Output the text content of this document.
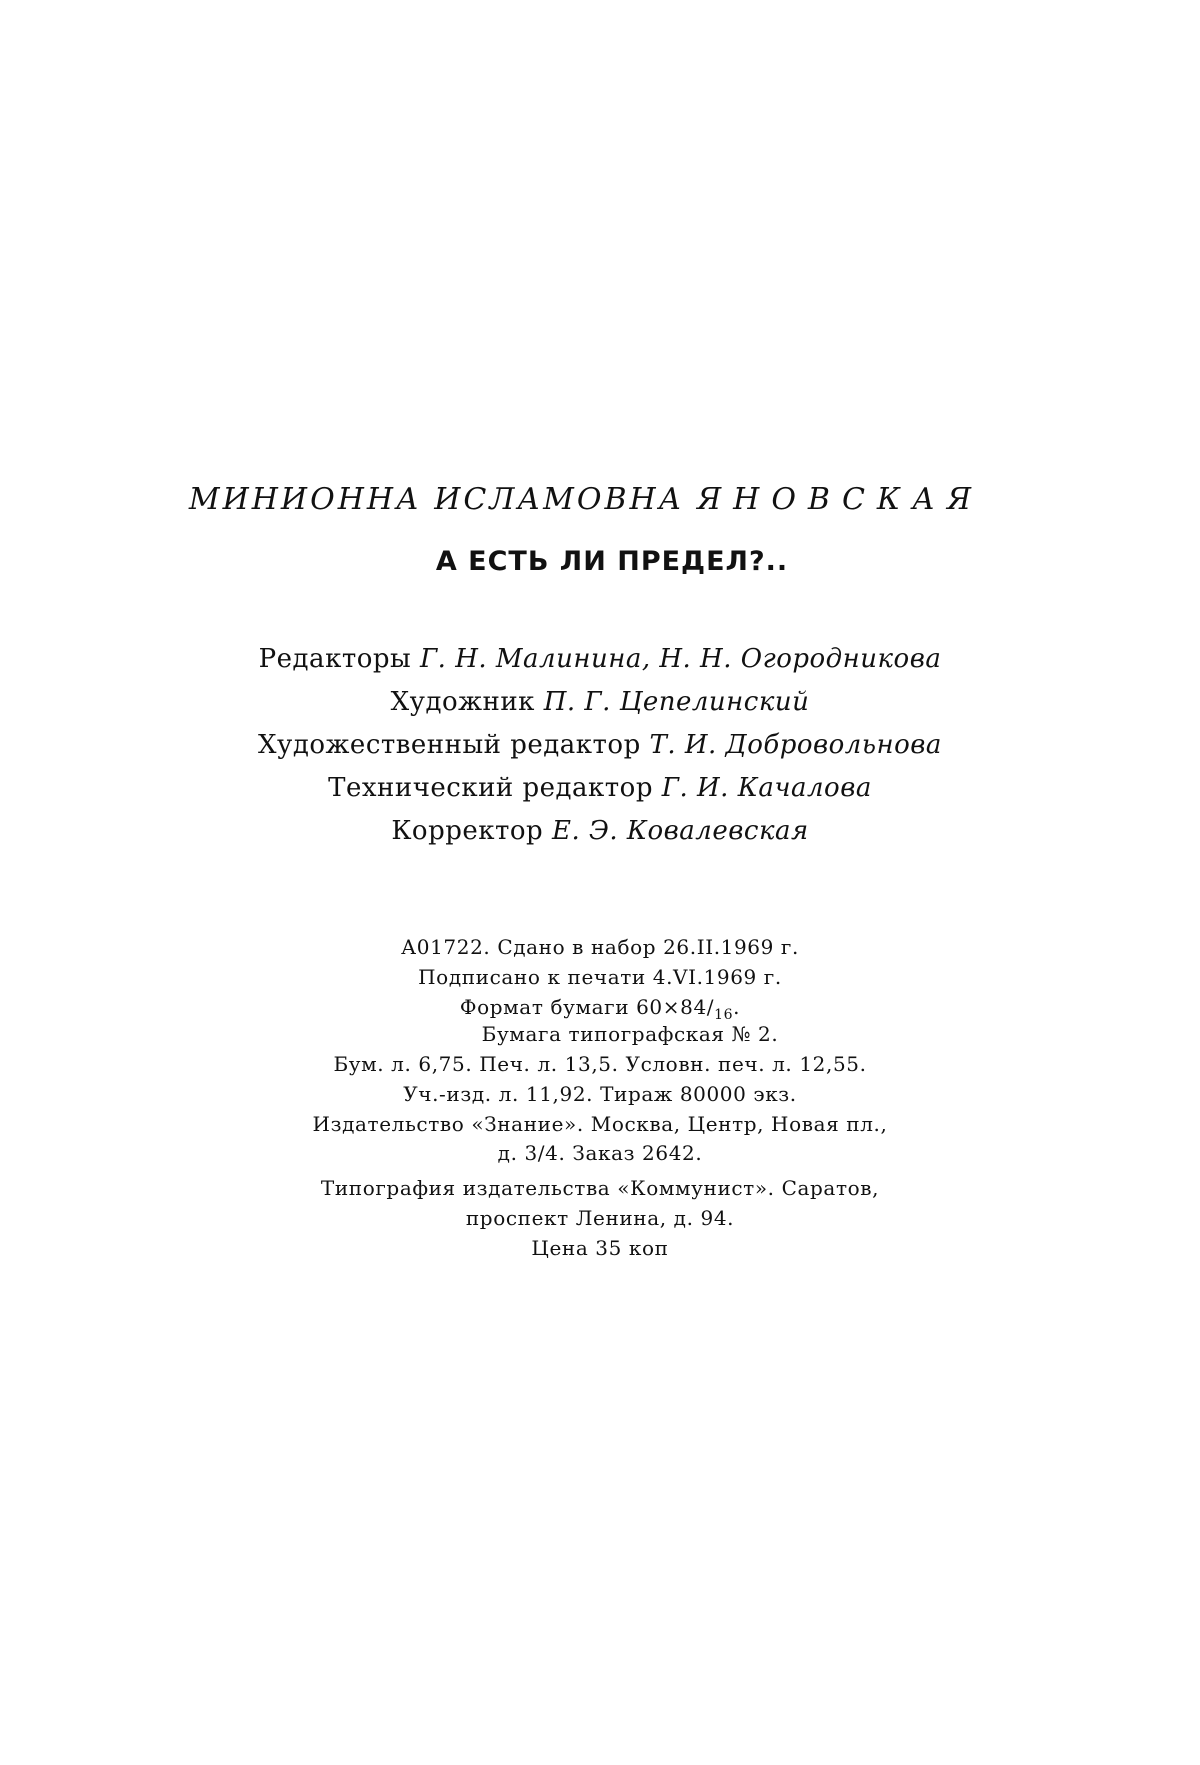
МИНИОННА ИСЛАМОВНА ЯНОВСКАЯ

А ЕСТЬ ЛИ ПРЕДЕЛ?..

Редакторы Г. Н. Малинина, Н. Н. Огородникова

Художник П. Г. Цепелинский

Художественный редактор Т. И. Добровольнова

Технический редактор Г. И. Качалова

Корректор Е. Э. Ковалевская

А01722. Сдано в набор 26.II.1969 г.

Подписано к печати 4.VI.1969 г.

Формат бумаги $60\times 84/_{16}$.

Бумага типографская № 2.

Бум. л. 6,75. Печ. л. 13,5. Условн. печ. л. 12,55.

Уч.-изд. л. 11,92. Тираж 80000 экз.

Издательство «Знание». Москва, Центр, Новая пл.,

д. 3/4. Заказ 2642.

Типография издательства «Коммунист». Саратов,

проспект Ленина, д. 94.

Цена 35 коп
